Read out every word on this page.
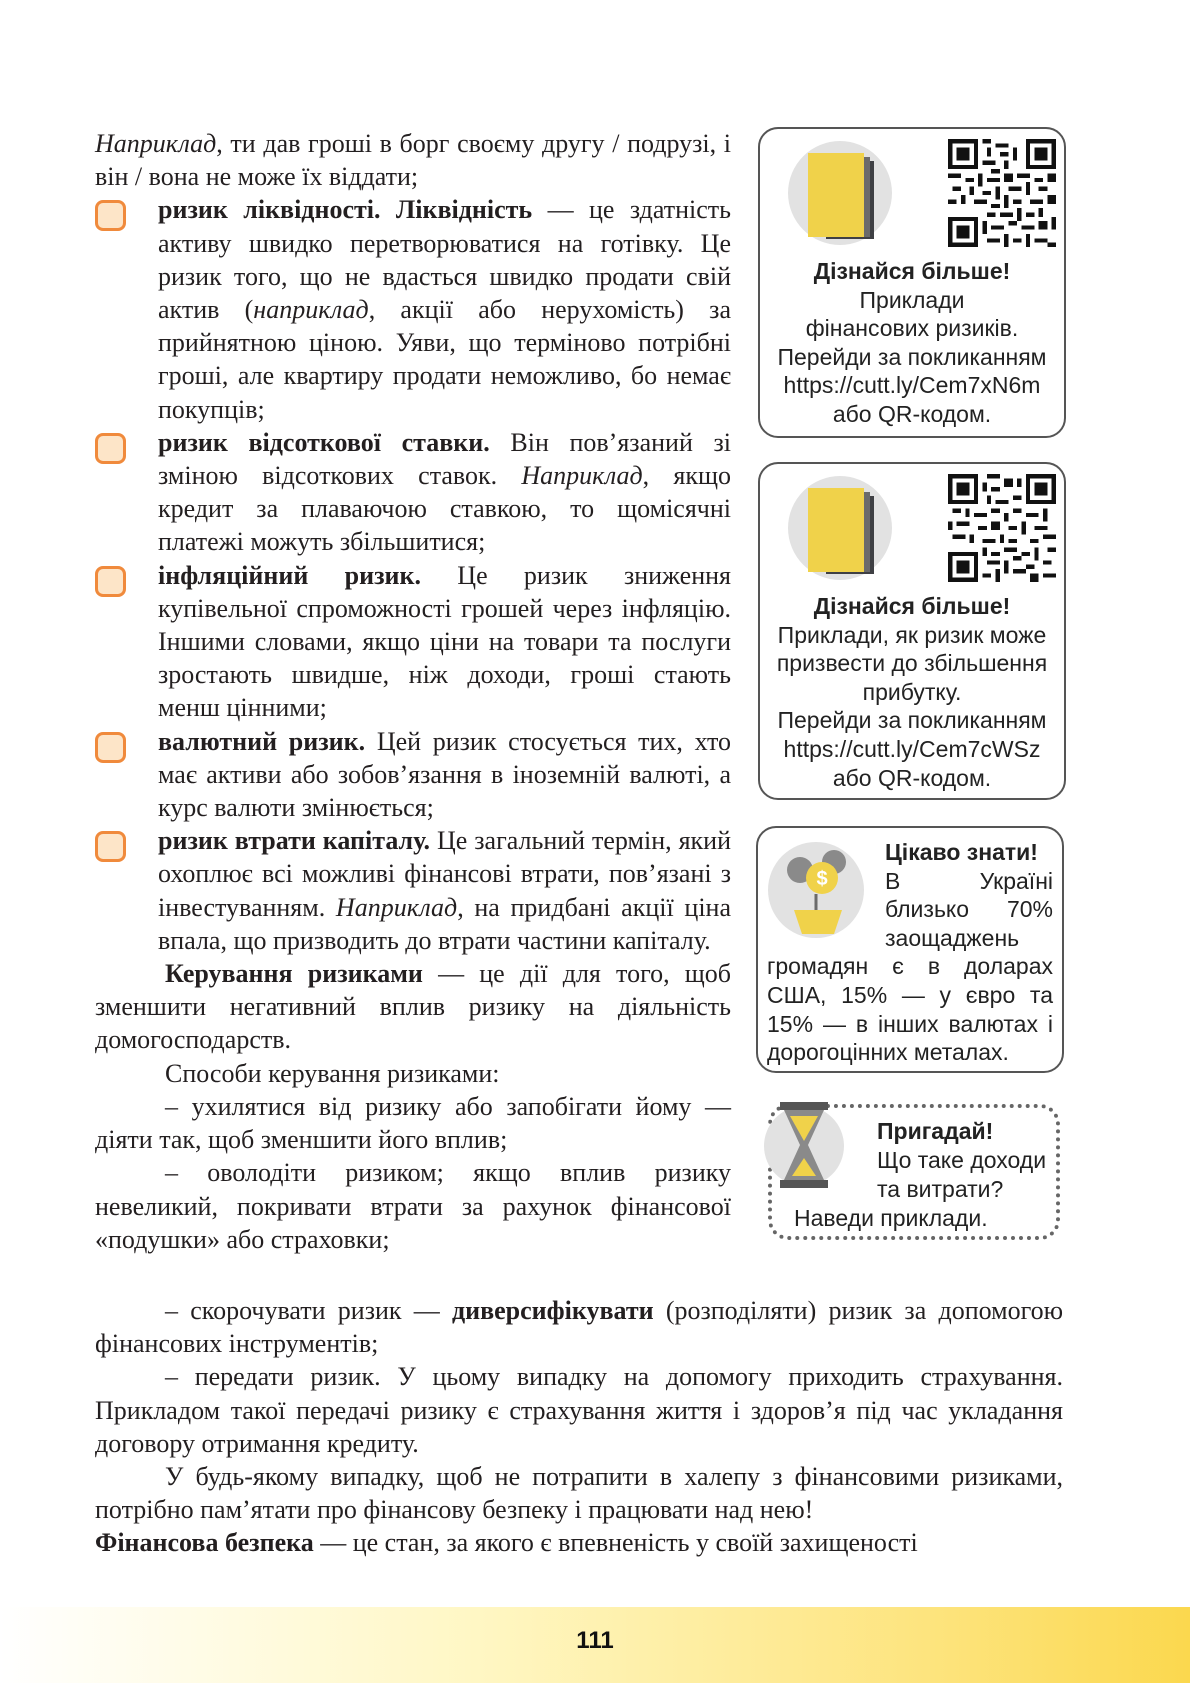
Наприклад, ти дав гроші в борг своєму другу / подрузі, і він / вона не може їх віддати;

ризик ліквідності. Ліквідність — це здатність активу швидко перетворюватися на готівку. Це ризик того, що не вдасться швидко продати свій актив (наприклад, акції або нерухомість) за прийнятною ціною. Уяви, що терміново потрібні гроші, але квартиру продати неможливо, бо немає покупців;

ризик відсоткової ставки. Він пов’язаний зі зміною відсоткових ставок. Наприклад, якщо кредит за плаваючою ставкою, то щомісячні платежі можуть збільшитися;

інфляційний ризик. Це ризик зниження купівельної спроможності грошей через інфляцію. Іншими словами, якщо ціни на товари та послуги зростають швидше, ніж доходи, гроші стають менш цінними;

валютний ризик. Цей ризик стосується тих, хто має активи або зобов’язання в іноземній валюті, а курс валюти змінюється;

ризик втрати капіталу. Це загальний термін, який охоплює всі можливі фінансові втрати, пов’язані з інвестуванням. Наприклад, на придбані акції ціна впала, що призводить до втрати частини капіталу.

Керування ризиками — це дії для того, щоб зменшити негативний вплив ризику на діяльність домогосподарств.

Способи керування ризиками:

– ухилятися від ризику або запобігати йому — діяти так, щоб зменшити його вплив;

– оволодіти ризиком; якщо вплив ризику невеликий, покривати втрати за рахунок фінансової «подушки» або страховки;

– скорочувати ризик — диверсифікувати (розподіляти) ризик за допомогою фінансових інструментів;

– передати ризик. У цьому випадку на допомогу приходить страхування. Прикладом такої передачі ризику є страхування життя і здоров’я під час укладання договору отримання кредиту.

У будь-якому випадку, щоб не потрапити в халепу з фінансовими ризиками, потрібно пам’ятати про фінансову безпеку і працювати над нею!

Фінансова безпека — це стан, за якого є впевненість у своїй захищеності

Дізнайся більше!
Приклади
фінансових ризиків.
Перейди за покликанням
https://cutt.ly/Cem7xN6m
або QR-кодом.
Дізнайся більше!
Приклади, як ризик може
призвести до збільшення
прибутку.
Перейди за покликанням
https://cutt.ly/Cem7cWSz
або QR-кодом.
Цікаво знати!
В Україні близько 70% заощаджень громадян є в доларах США, 15% — у євро та 15% — в інших валютах і дорогоцінних металах.
$
Пригадай!
Що таке доходи
та витрати?
Наведи приклади.
111
